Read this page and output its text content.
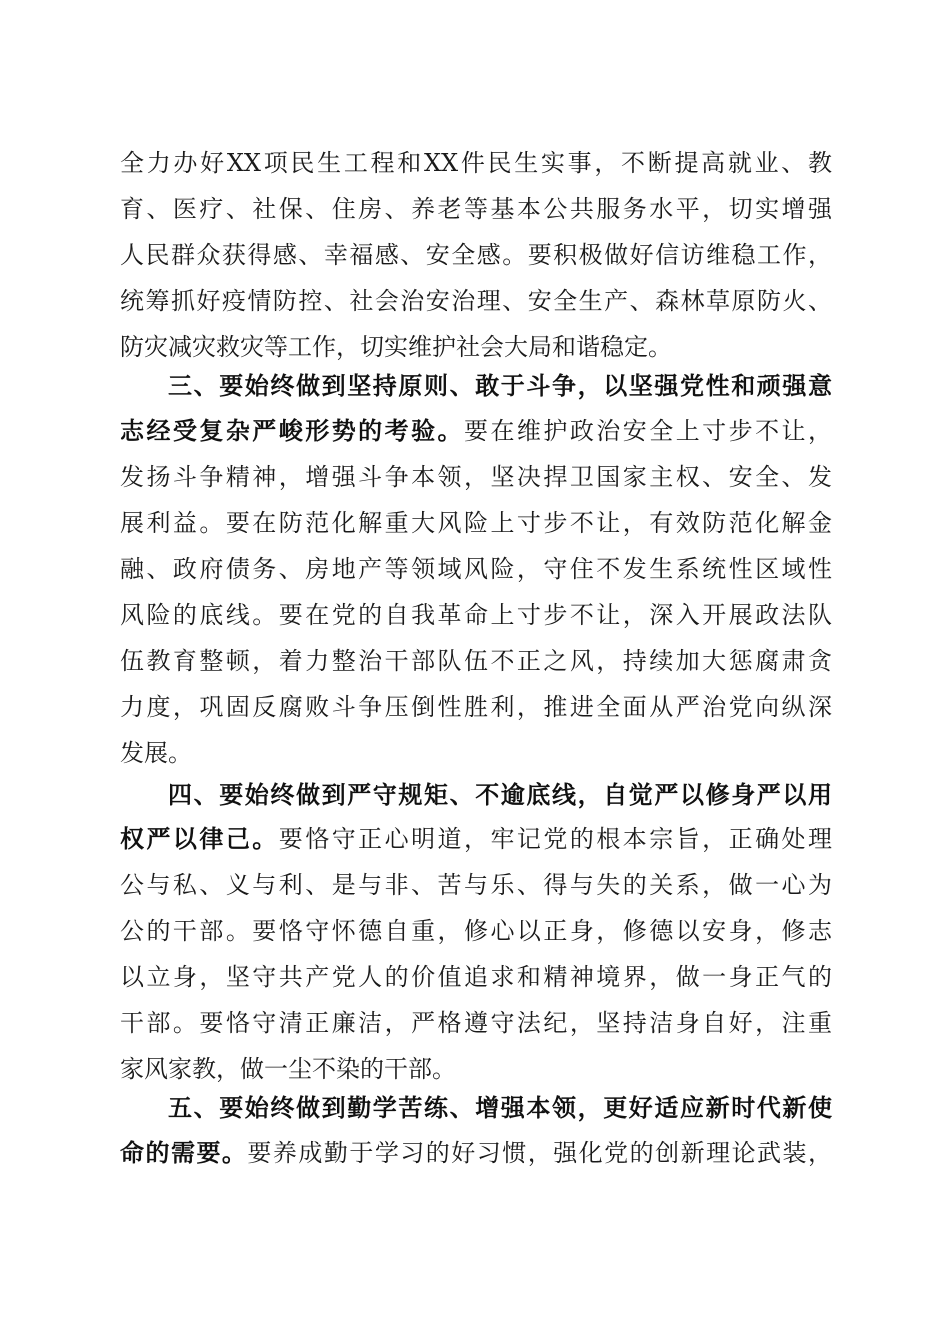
全力办好XX项民生工程和XX件民生实事，不断提高就业、教
育、医疗、社保、住房、养老等基本公共服务水平，切实增强
人民群众获得感、幸福感、安全感。要积极做好信访维稳工作，
统筹抓好疫情防控、社会治安治理、安全生产、森林草原防火、
防灾减灾救灾等工作，切实维护社会大局和谐稳定。
三、要始终做到坚持原则、敢于斗争，以坚强党性和顽强意
志经受复杂严峻形势的考验。要在维护政治安全上寸步不让，
发扬斗争精神，增强斗争本领，坚决捍卫国家主权、安全、发
展利益。要在防范化解重大风险上寸步不让，有效防范化解金
融、政府债务、房地产等领域风险，守住不发生系统性区域性
风险的底线。要在党的自我革命上寸步不让，深入开展政法队
伍教育整顿，着力整治干部队伍不正之风，持续加大惩腐肃贪
力度，巩固反腐败斗争压倒性胜利，推进全面从严治党向纵深
发展。
四、要始终做到严守规矩、不逾底线，自觉严以修身严以用
权严以律己。要恪守正心明道，牢记党的根本宗旨，正确处理
公与私、义与利、是与非、苦与乐、得与失的关系，做一心为
公的干部。要恪守怀德自重，修心以正身，修德以安身，修志
以立身，坚守共产党人的价值追求和精神境界，做一身正气的
干部。要恪守清正廉洁，严格遵守法纪，坚持洁身自好，注重
家风家教，做一尘不染的干部。
五、要始终做到勤学苦练、增强本领，更好适应新时代新使
命的需要。要养成勤于学习的好习惯，强化党的创新理论武装，
